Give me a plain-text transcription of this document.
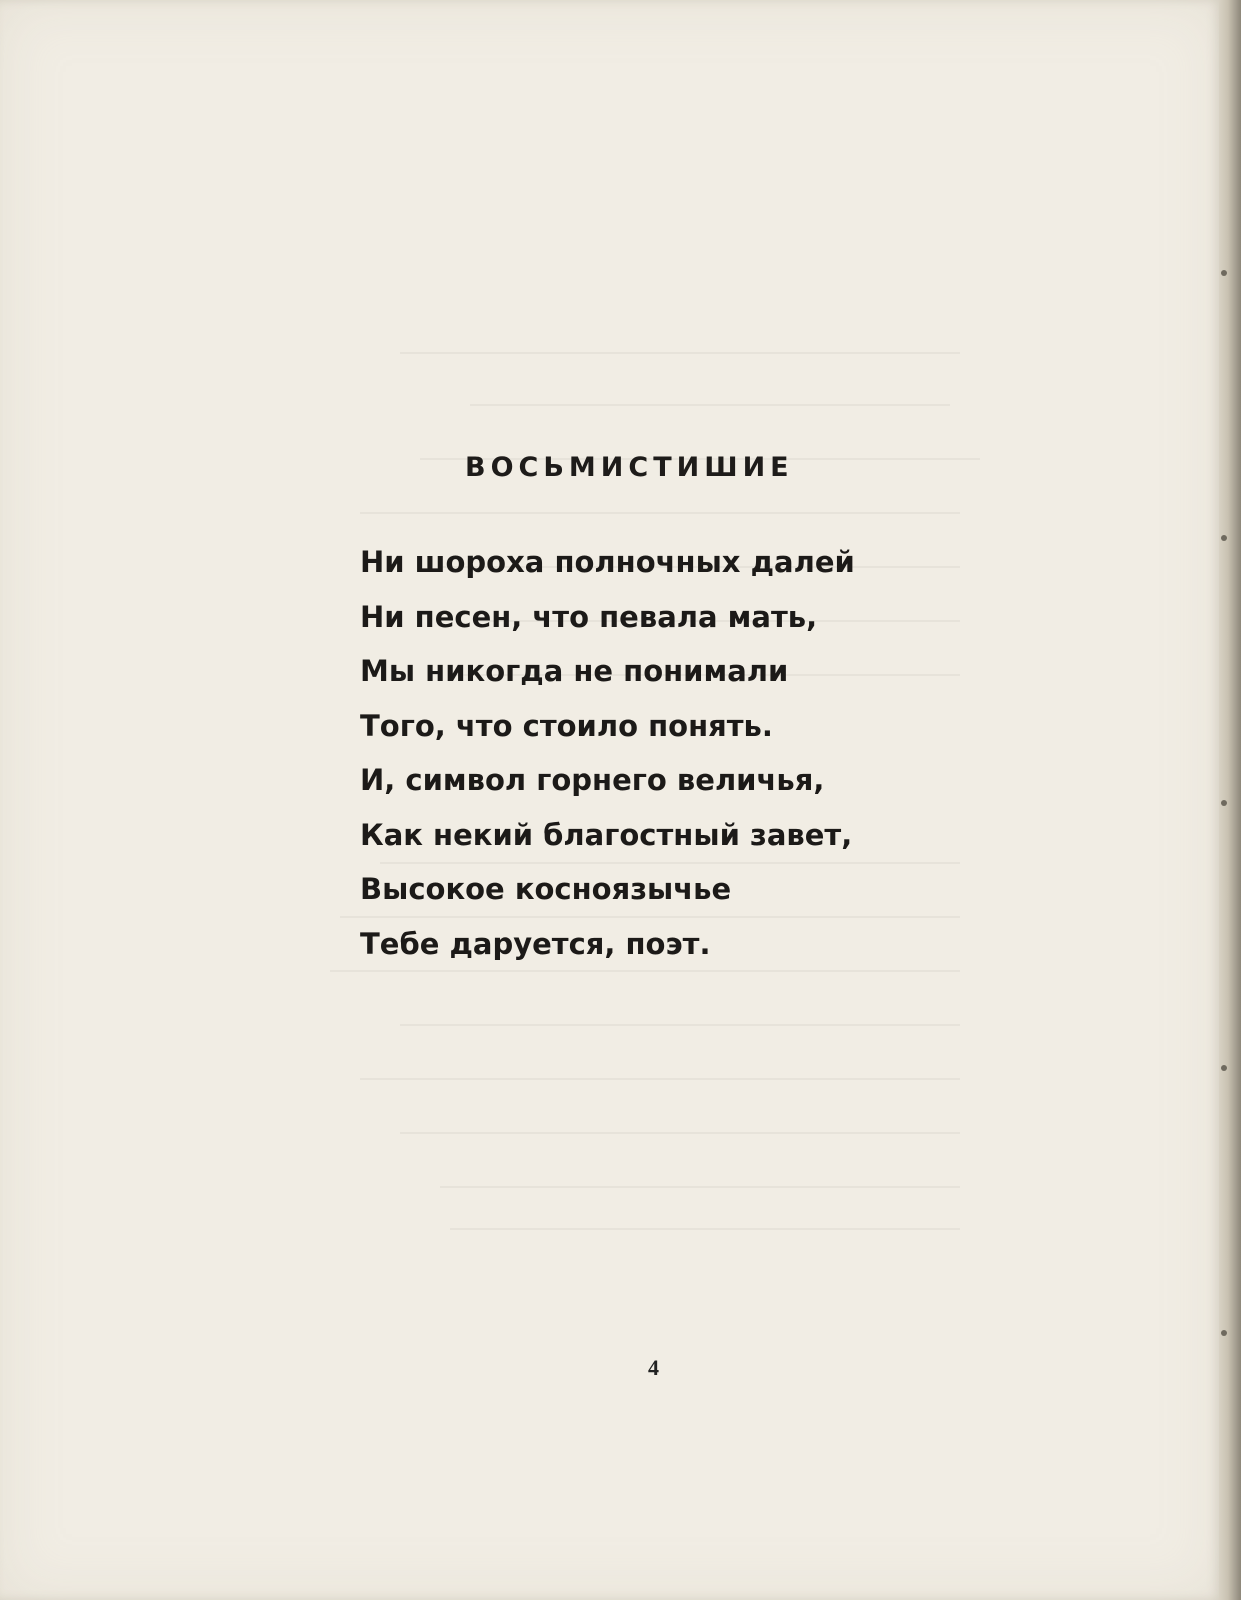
ВОСЬМИСТИШИЕ
Ни шороха полночных далей
Ни песен, что певала мать,
Мы никогда не понимали
Того, что стоило понять.
И, символ горнего величья,
Как некий благостный завет,
Высокое косноязычье
Тебе даруется, поэт.
4
